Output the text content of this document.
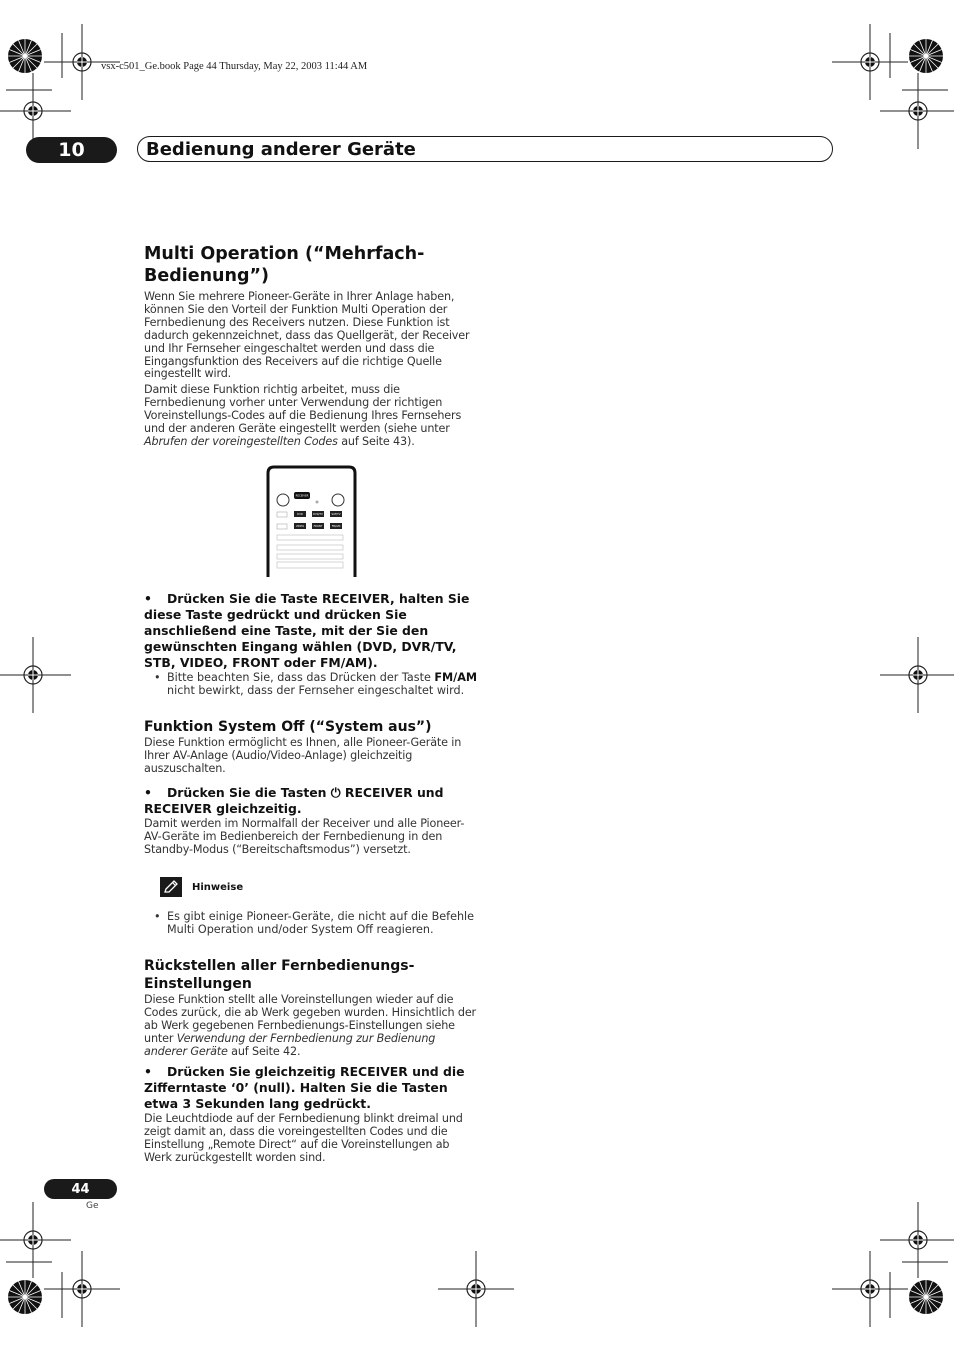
vsx-c501_Ge.book Page 44 Thursday, May 22, 2003 11:44 AM
10	Bedienung anderer Geräte
Multi Operation (“Mehrfach-Bedienung”)

Wenn Sie mehrere Pioneer-Geräte in Ihrer Anlage haben, können Sie den Vorteil der Funktion Multi Operation der Fernbedienung des Receivers nutzen. Diese Funktion ist dadurch gekennzeichnet, dass das Quellgerät, der Receiver und Ihr Fernseher eingeschaltet werden und dass die Eingangsfunktion des Receivers auf die richtige Quelle eingestellt wird.

Damit diese Funktion richtig arbeitet, muss die Fernbedienung vorher unter Verwendung der richtigen Voreinstellungs-Codes auf die Bedienung Ihres Fernsehers und der anderen Geräte eingestellt werden (siehe unter Abrufen der voreingestellten Codes auf Seite 43).

RECEIVER
DVD	DVR/TV	SAT/TV
VIDEO	FRONT	FM/AM

• Drücken Sie die Taste RECEIVER, halten Sie diese Taste gedrückt und drücken Sie anschließend eine Taste, mit der Sie den gewünschten Eingang wählen (DVD, DVR/TV, STB, VIDEO, FRONT oder FM/AM).

• Bitte beachten Sie, dass das Drücken der Taste FM/AM nicht bewirkt, dass der Fernseher eingeschaltet wird.

Funktion System Off (“System aus”)

Diese Funktion ermöglicht es Ihnen, alle Pioneer-Geräte in Ihrer AV-Anlage (Audio/Video-Anlage) gleichzeitig auszuschalten.

• Drücken Sie die Tasten ⏻ RECEIVER und RECEIVER gleichzeitig.

Damit werden im Normalfall der Receiver und alle Pioneer-AV-Geräte im Bedienbereich der Fernbedienung in den Standby-Modus (“Bereitschaftsmodus”) versetzt.

Hinweise

• Es gibt einige Pioneer-Geräte, die nicht auf die Befehle Multi Operation und/oder System Off reagieren.

Rückstellen aller Fernbedienungs-Einstellungen

Diese Funktion stellt alle Voreinstellungen wieder auf die Codes zurück, die ab Werk gegeben wurden. Hinsichtlich der ab Werk gegebenen Fernbedienungs-Einstellungen siehe unter Verwendung der Fernbedienung zur Bedienung anderer Geräte auf Seite 42.

• Drücken Sie gleichzeitig RECEIVER und die Zifferntaste ‘0’ (null). Halten Sie die Tasten etwa 3 Sekunden lang gedrückt.

Die Leuchtdiode auf der Fernbedienung blinkt dreimal und zeigt damit an, dass die voreingestellten Codes und die Einstellung „Remote Direct“ auf die Voreinstellungen ab Werk zurückgestellt worden sind.

44
Ge
